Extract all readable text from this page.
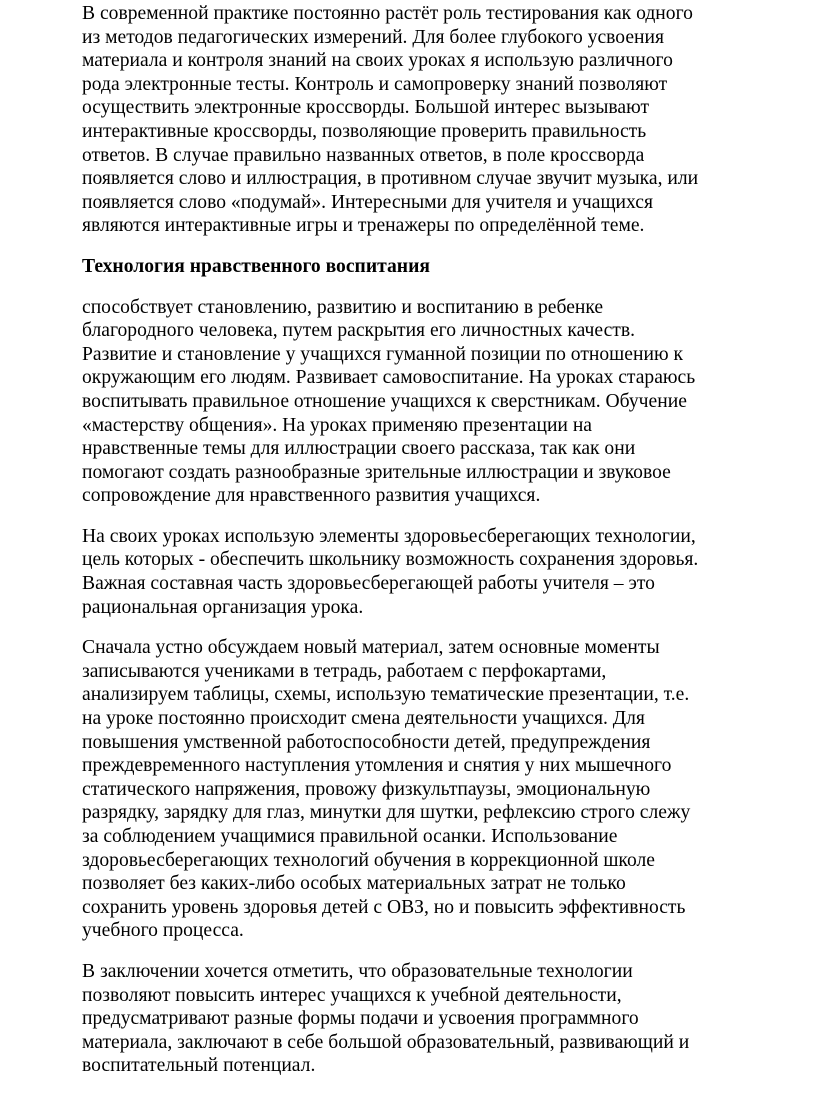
В современной практике постоянно растёт роль тестирования как одного
из методов педагогических измерений. Для более глубокого усвоения
материала и контроля знаний на своих уроках я использую различного
рода электронные тесты. Контроль и самопроверку знаний позволяют
осуществить электронные кроссворды. Большой интерес вызывают
интерактивные кроссворды, позволяющие проверить правильность
ответов. В случае правильно названных ответов, в поле кроссворда
появляется слово и иллюстрация, в противном случае звучит музыка, или
появляется слово «подумай». Интересными для учителя и учащихся
являются интерактивные игры и тренажеры по определённой теме.

Технология нравственного воспитания

способствует становлению, развитию и воспитанию в ребенке
благородного человека, путем раскрытия его личностных качеств.
Развитие и становление у учащихся гуманной позиции по отношению к
окружающим его людям. Развивает самовоспитание. На уроках стараюсь
воспитывать правильное отношение учащихся к сверстникам. Обучение
«мастерству общения». На уроках применяю презентации на
нравственные темы для иллюстрации своего рассказа, так как они
помогают создать разнообразные зрительные иллюстрации и звуковое
сопровождение для нравственного развития учащихся.

На своих уроках использую элементы здоровьесберегающих технологии,
цель которых - обеспечить школьнику возможность сохранения здоровья.
Важная составная часть здоровьесберегающей работы учителя – это
рациональная организация урока.

Сначала устно обсуждаем новый материал, затем основные моменты
записываются учениками в тетрадь, работаем с перфокартами,
анализируем таблицы, схемы, использую тематические презентации, т.е.
на уроке постоянно происходит смена деятельности учащихся. Для
повышения умственной работоспособности детей, предупреждения
преждевременного наступления утомления и снятия у них мышечного
статического напряжения, провожу физкультпаузы, эмоциональную
разрядку, зарядку для глаз, минутки для шутки, рефлексию строго слежу
за соблюдением учащимися правильной осанки. Использование
здоровьесберегающих технологий обучения в коррекционной школе
позволяет без каких-либо особых материальных затрат не только
сохранить уровень здоровья детей с ОВЗ, но и повысить эффективность
учебного процесса.

В заключении хочется отметить, что образовательные технологии
позволяют повысить интерес учащихся к учебной деятельности,
предусматривают разные формы подачи и усвоения программного
материала, заключают в себе большой образовательный, развивающий и
воспитательный потенциал.
